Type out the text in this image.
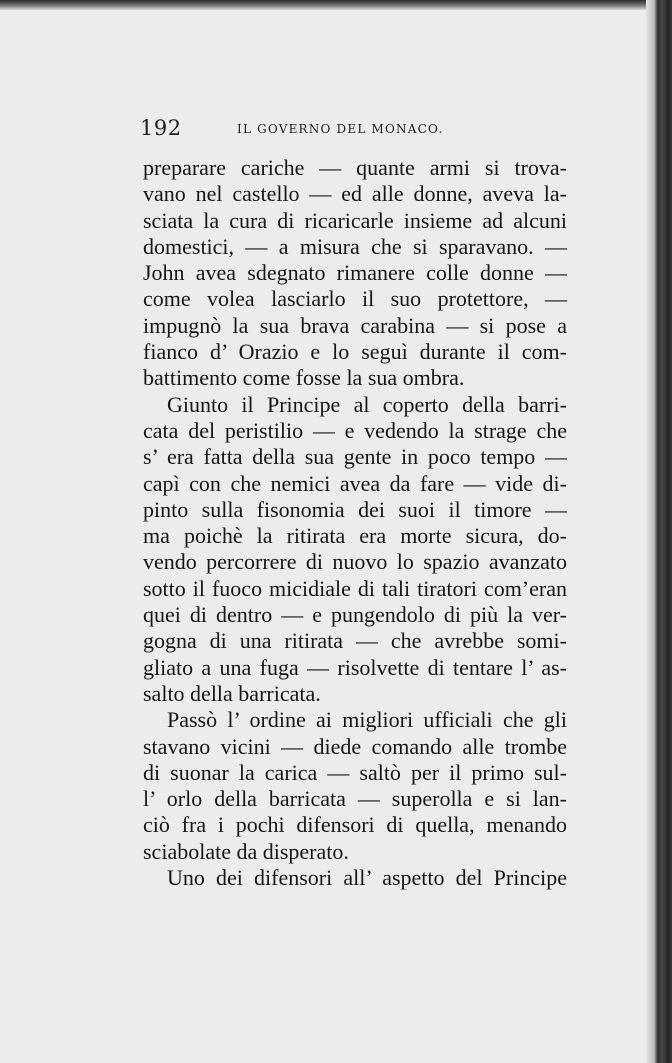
192	IL GOVERNO DEL MONACO.
preparare cariche — quante armi si trova-
vano nel castello — ed alle donne, aveva la-
sciata la cura di ricaricarle insieme ad alcuni
domestici, — a misura che si sparavano. —
John avea sdegnato rimanere colle donne —
come volea lasciarlo il suo protettore, —
impugnò la sua brava carabina — si pose a
fianco d’ Orazio e lo seguì durante il com-
battimento come fosse la sua ombra.
Giunto il Principe al coperto della barri-
cata del peristilio — e vedendo la strage che
s’ era fatta della sua gente in poco tempo —
capì con che nemici avea da fare — vide di-
pinto sulla fisonomia dei suoi il timore —
ma poichè la ritirata era morte sicura, do-
vendo percorrere di nuovo lo spazio avanzato
sotto il fuoco micidiale di tali tiratori com’eran
quei di dentro — e pungendolo di più la ver-
gogna di una ritirata — che avrebbe somi-
gliato a una fuga — risolvette di tentare l’ as-
salto della barricata.
Passò l’ ordine ai migliori ufficiali che gli
stavano vicini — diede comando alle trombe
di suonar la carica — saltò per il primo sul-
l’ orlo della barricata — superolla e si lan-
ciò fra i pochi difensori di quella, menando
sciabolate da disperato.
Uno dei difensori all’ aspetto del Principe
